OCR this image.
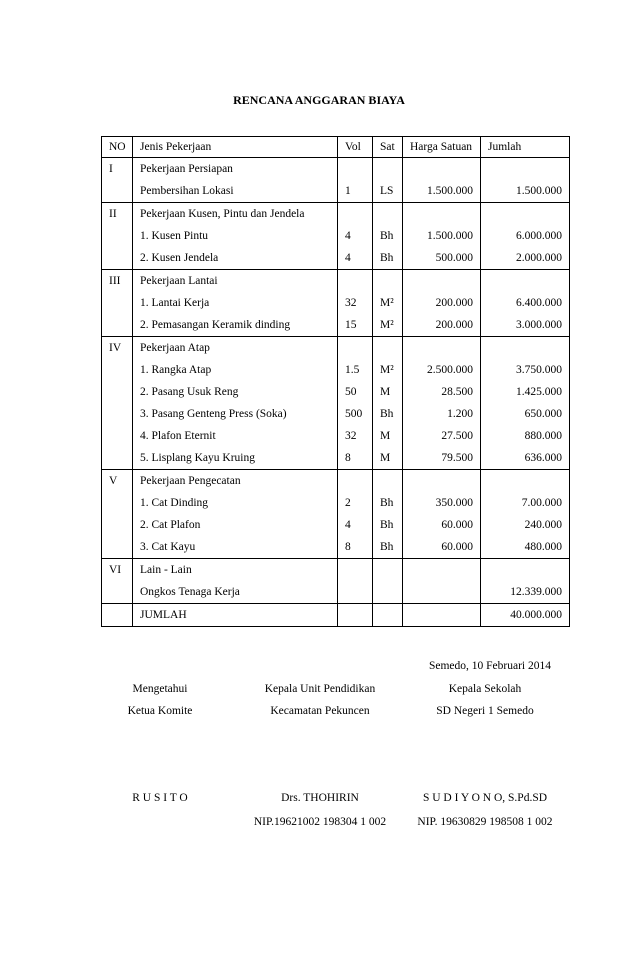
RENCANA ANGGARAN BIAYA
NO	Jenis Pekerjaan	Vol	Sat	Harga Satuan	Jumlah
I	Pekerjaan Persiapan				
	Pembersihan Lokasi	1	LS	1.500.000	1.500.000
II	Pekerjaan Kusen, Pintu dan Jendela				
	1. Kusen Pintu	4	Bh	1.500.000	6.000.000
	2. Kusen Jendela	4	Bh	500.000	2.000.000
III	Pekerjaan Lantai				
	1. Lantai Kerja	32	M²	200.000	6.400.000
	2. Pemasangan Keramik dinding	15	M²	200.000	3.000.000
IV	Pekerjaan Atap				
	1. Rangka Atap	1.5	M²	2.500.000	3.750.000
	2. Pasang Usuk Reng	50	M	28.500	1.425.000
	3. Pasang Genteng Press (Soka)	500	Bh	1.200	650.000
	4. Plafon Eternit	32	M	27.500	880.000
	5. Lisplang Kayu Kruing	8	M	79.500	636.000
V	Pekerjaan Pengecatan				
	1. Cat Dinding	2	Bh	350.000	7.00.000
	2. Cat Plafon	4	Bh	60.000	240.000
	3. Cat Kayu	8	Bh	60.000	480.000
VI	Lain - Lain				
	Ongkos Tenaga Kerja				12.339.000
	JUMLAH				40.000.000
Semedo, 10 Februari 2014
Mengetahui
Ketua Komite
R U S I T O
Kepala Unit Pendidikan
Kecamatan Pekuncen
Drs. THOHIRIN
NIP.19621002 198304 1 002
Kepala Sekolah
SD Negeri 1 Semedo
S U D I Y O N O, S.Pd.SD
NIP. 19630829 198508 1 002
